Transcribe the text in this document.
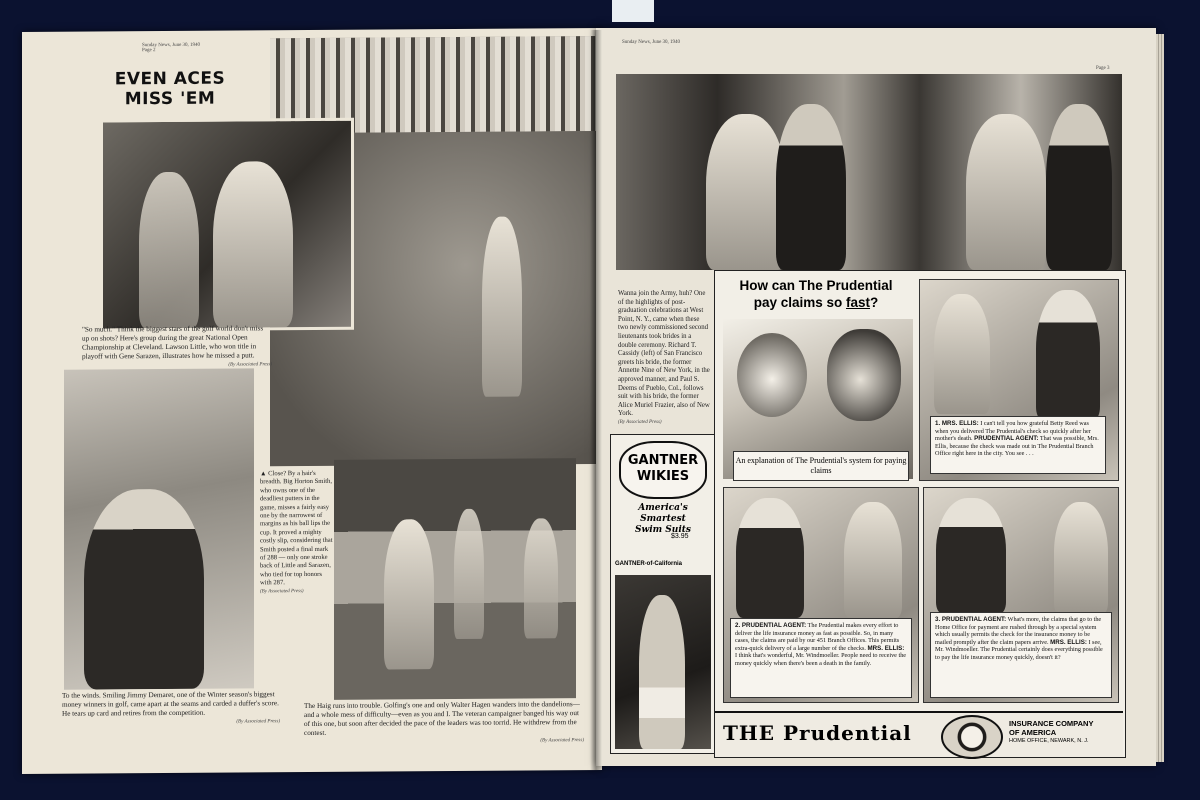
Sunday News, June 30, 1940
Page 2
EVEN ACES
MISS 'EM
"So much." Think the biggest stars of the golf world don't miss up on shots? Here's group during the great National Open Championship at Cleveland. Lawson Little, who won title in playoff with Gene Sarazen, illustrates how he missed a putt.
(By Associated Press)
▲ Close? By a hair's breadth. Big Horton Smith, who owns one of the deadliest putters in the game, misses a fairly easy one by the narrowest of margins as his ball lips the cup. It proved a mighty costly slip, considering that Smith posted a final mark of 288 — only one stroke back of Little and Sarazen, who tied for top honors with 287.
(By Associated Press)
To the winds. Smiling Jimmy Demaret, one of the Winter season's biggest money winners in golf, came apart at the seams and carded a duffer's score. He tears up card and retires from the competition.
(By Associated Press)
The Haig runs into trouble. Golfing's one and only Walter Hagen wanders into the dandelions—and a whole mess of difficulty—even as you and I. The veteran campaigner banged his way out of this one, but soon after decided the pace of the leaders was too torrid. He withdrew from the contest.
(By Associated Press)
Sunday News, June 30, 1940
Page 3
Wanna join the Army, huh? One of the highlights of post-graduation celebrations at West Point, N. Y., came when these two newly commissioned second lieutenants took brides in a double ceremony. Richard T. Cassidy (left) of San Francisco greets his bride, the former Annette Nine of New York, in the approved manner, and Paul S. Deems of Pueblo, Col., follows suit with his bride, the former Alice Muriel Frazier, also of New York.
(By Associated Press)
GANTNER
WIKIES
America's Smartest
Swim Suits
$3.95
GANTNER-of-California
How can The Prudential
pay claims so fast?
An explanation of The Prudential's system for paying claims
1. MRS. ELLIS: I can't tell you how grateful Betty Reed was when you delivered The Prudential's check so quickly after her mother's death. PRUDENTIAL AGENT: That was possible, Mrs. Ellis, because the check was made out in The Prudential Branch Office right here in the city. You see . . .
2. PRUDENTIAL AGENT: The Prudential makes every effort to deliver the life insurance money as fast as possible. So, in many cases, the claims are paid by our 451 Branch Offices. This permits extra-quick delivery of a large number of the checks. MRS. ELLIS: I think that's wonderful, Mr. Windmoeller. People need to receive the money quickly when there's been a death in the family.
3. PRUDENTIAL AGENT: What's more, the claims that go to the Home Office for payment are rushed through by a special system which usually permits the check for the insurance money to be mailed promptly after the claim papers arrive. MRS. ELLIS: I see, Mr. Windmoeller. The Prudential certainly does everything possible to pay the life insurance money quickly, doesn't it?
THE Prudential	INSURANCE COMPANY
OF AMERICA
HOME OFFICE, NEWARK, N. J.
